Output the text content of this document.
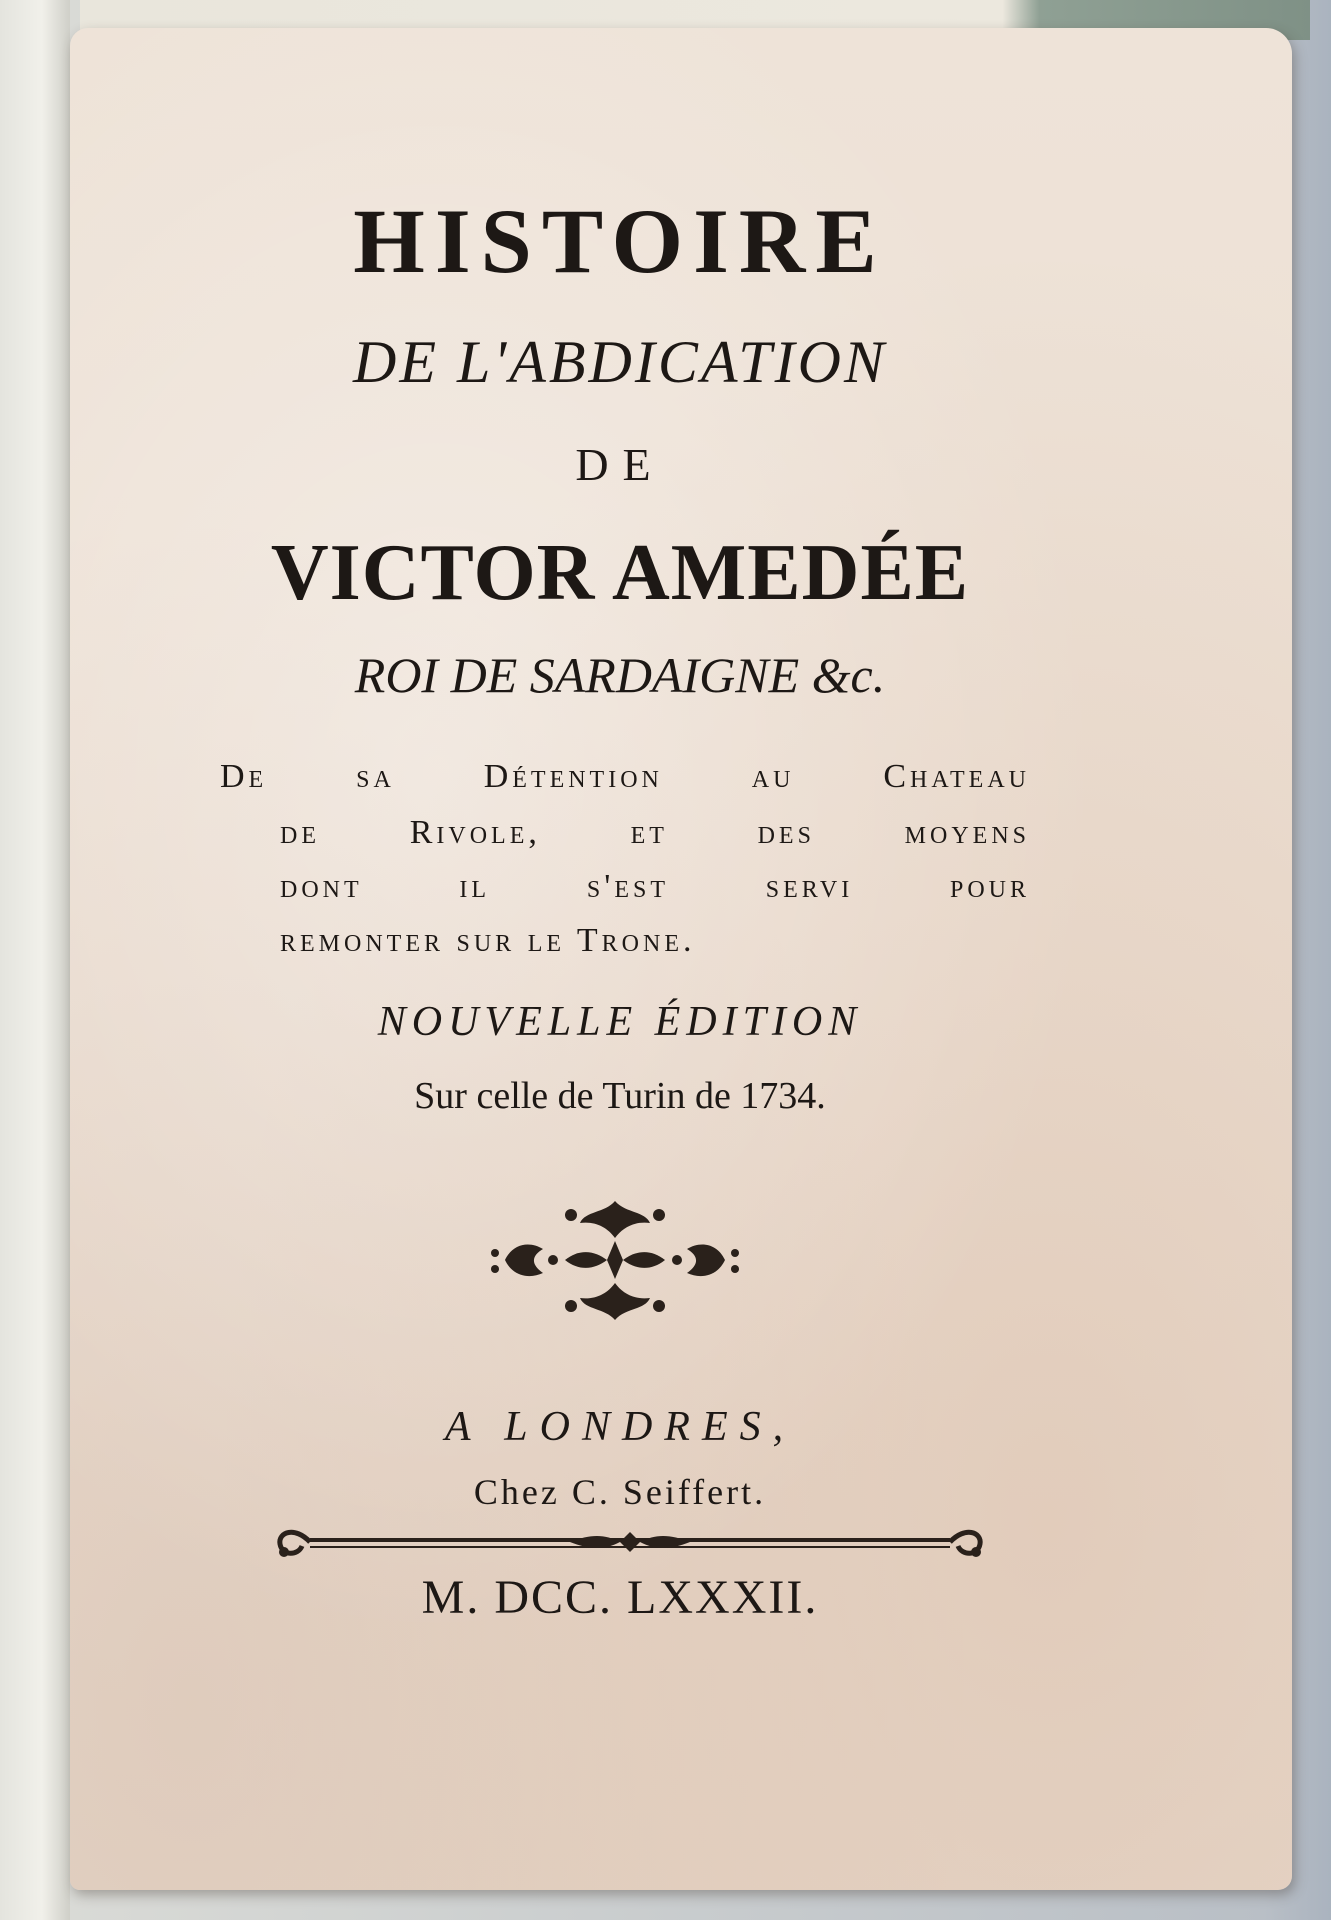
HISTOIRE

DE L'ABDICATION

DE

VICTOR AMEDÉE

ROI DE SARDAIGNE &c.

De sa Détention au Chateau

de Rivole, et des moyens

dont il s'est servi pour

remonter sur le Trone.

NOUVELLE ÉDITION

Sur celle de Turin de 1734.

A LONDRES,

Chez C. Seiffert.

M. DCC. LXXXII.
